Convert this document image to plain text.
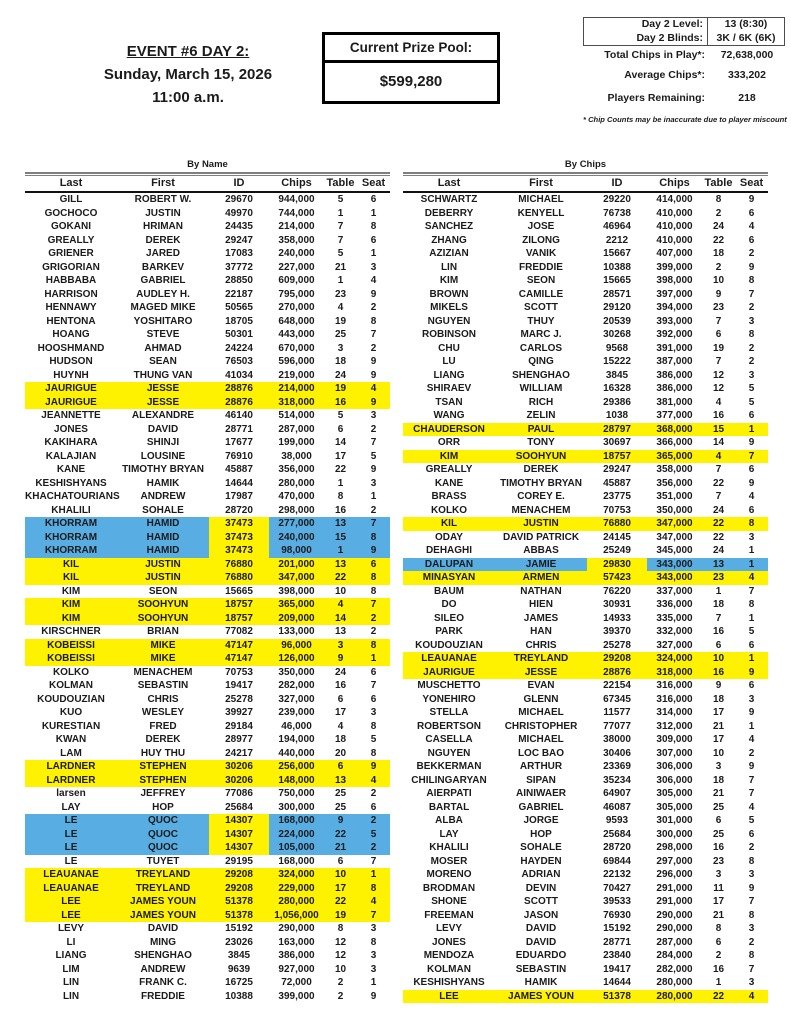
EVENT #6 DAY 2:
Sunday, March 15, 2026
11:00 a.m.
Current Prize Pool:
$599,280
Day 2 Level:	13 (8:30)
Day 2 Blinds:	3K / 6K (6K)
Total Chips in Play*:	72,638,000
Average Chips*:	333,202
Players Remaining:	218
* Chip Counts may be inaccurate due to player miscount
By Name
Last	First	ID	Chips	Table Seat
GILL	ROBERT W.	29670	944,000	5	6
GOCHOCO	JUSTIN	49970	744,000	1	1
GOKANI	HRIMAN	24435	214,000	7	8
GREALLY	DEREK	29247	358,000	7	6
GRIENER	JARED	17083	240,000	5	1
GRIGORIAN	BARKEV	37772	227,000	21	3
HABBABA	GABRIEL	28850	609,000	1	4
HARRISON	AUDLEY H.	22187	795,000	23	9
HENNAWY	MAGED MIKE	50565	270,000	4	2
HENTONA	YOSHITARO	18705	648,000	19	8
HOANG	STEVE	50301	443,000	25	7
HOOSHMAND	AHMAD	24224	670,000	3	2
HUDSON	SEAN	76503	596,000	18	9
HUYNH	THUNG VAN	41034	219,000	24	9
JAURIGUE	JESSE	28876	214,000	19	4
JAURIGUE	JESSE	28876	318,000	16	9
JEANNETTE	ALEXANDRE	46140	514,000	5	3
JONES	DAVID	28771	287,000	6	2
KAKIHARA	SHINJI	17677	199,000	14	7
KALAJIAN	LOUSINE	76910	38,000	17	5
KANE	TIMOTHY BRYAN	45887	356,000	22	9
KESHISHYANS	HAMIK	14644	280,000	1	3
KHACHATOURIANS	ANDREW	17987	470,000	8	1
KHALILI	SOHALE	28720	298,000	16	2
KHORRAM	HAMID	37473	277,000	13	7
KHORRAM	HAMID	37473	240,000	15	8
KHORRAM	HAMID	37473	98,000	1	9
KIL	JUSTIN	76880	201,000	13	6
KIL	JUSTIN	76880	347,000	22	8
KIM	SEON	15665	398,000	10	8
KIM	SOOHYUN	18757	365,000	4	7
KIM	SOOHYUN	18757	209,000	14	2
KIRSCHNER	BRIAN	77082	133,000	13	2
KOBEISSI	MIKE	47147	96,000	3	8
KOBEISSI	MIKE	47147	126,000	9	1
KOLKO	MENACHEM	70753	350,000	24	6
KOLMAN	SEBASTIN	19417	282,000	16	7
KOUDOUZIAN	CHRIS	25278	327,000	6	6
KUO	WESLEY	39927	239,000	17	3
KURESTIAN	FRED	29184	46,000	4	8
KWAN	DEREK	28977	194,000	18	5
LAM	HUY THU	24217	440,000	20	8
LARDNER	STEPHEN	30206	256,000	6	9
LARDNER	STEPHEN	30206	148,000	13	4
larsen	JEFFREY	77086	750,000	25	2
LAY	HOP	25684	300,000	25	6
LE	QUOC	14307	168,000	9	2
LE	QUOC	14307	224,000	22	5
LE	QUOC	14307	105,000	21	2
LE	TUYET	29195	168,000	6	7
LEAUANAE	TREYLAND	29208	324,000	10	1
LEAUANAE	TREYLAND	29208	229,000	17	8
LEE	JAMES YOUN	51378	280,000	22	4
LEE	JAMES YOUN	51378	1,056,000	19	7
LEVY	DAVID	15192	290,000	8	3
LI	MING	23026	163,000	12	8
LIANG	SHENGHAO	3845	386,000	12	3
LIM	ANDREW	9639	927,000	10	3
LIN	FRANK C.	16725	72,000	2	1
LIN	FREDDIE	10388	399,000	2	9
By Chips
Last	First	ID	Chips	Table Seat
SCHWARTZ	MICHAEL	29220	414,000	8	9
DEBERRY	KENYELL	76738	410,000	2	6
SANCHEZ	JOSE	46964	410,000	24	4
ZHANG	ZILONG	2212	410,000	22	6
AZIZIAN	VANIK	15667	407,000	18	2
LIN	FREDDIE	10388	399,000	2	9
KIM	SEON	15665	398,000	10	8
BROWN	CAMILLE	28571	397,000	9	7
MIKELS	SCOTT	29120	394,000	23	2
NGUYEN	THUY	20539	393,000	7	3
ROBINSON	MARC J.	30268	392,000	6	8
CHU	CARLOS	9568	391,000	19	2
LU	QING	15222	387,000	7	2
LIANG	SHENGHAO	3845	386,000	12	3
SHIRAEV	WILLIAM	16328	386,000	12	5
TSAN	RICH	29386	381,000	4	5
WANG	ZELIN	1038	377,000	16	6
CHAUDERSON	PAUL	28797	368,000	15	1
ORR	TONY	30697	366,000	14	9
KIM	SOOHYUN	18757	365,000	4	7
GREALLY	DEREK	29247	358,000	7	6
KANE	TIMOTHY BRYAN	45887	356,000	22	9
BRASS	COREY E.	23775	351,000	7	4
KOLKO	MENACHEM	70753	350,000	24	6
KIL	JUSTIN	76880	347,000	22	8
ODAY	DAVID PATRICK	24145	347,000	22	3
DEHAGHI	ABBAS	25249	345,000	24	1
DALUPAN	JAMIE	29830	343,000	13	1
MINASYAN	ARMEN	57423	343,000	23	4
BAUM	NATHAN	76220	337,000	1	7
DO	HIEN	30931	336,000	18	8
SILEO	JAMES	14933	335,000	7	1
PARK	HAN	39370	332,000	16	5
KOUDOUZIAN	CHRIS	25278	327,000	6	6
LEAUANAE	TREYLAND	29208	324,000	10	1
JAURIGUE	JESSE	28876	318,000	16	9
MUSCHETTO	EVAN	22154	316,000	9	6
YONEHIRO	GLENN	67345	316,000	18	3
STELLA	MICHAEL	11577	314,000	17	9
ROBERTSON	CHRISTOPHER	77077	312,000	21	1
CASELLA	MICHAEL	38000	309,000	17	4
NGUYEN	LOC BAO	30406	307,000	10	2
BEKKERMAN	ARTHUR	23369	306,000	3	9
CHILINGARYAN	SIPAN	35234	306,000	18	7
AIERPATI	AINIWAER	64907	305,000	21	7
BARTAL	GABRIEL	46087	305,000	25	4
ALBA	JORGE	9593	301,000	6	5
LAY	HOP	25684	300,000	25	6
KHALILI	SOHALE	28720	298,000	16	2
MOSER	HAYDEN	69844	297,000	23	8
MORENO	ADRIAN	22132	296,000	3	3
BRODMAN	DEVIN	70427	291,000	11	9
SHONE	SCOTT	39533	291,000	17	7
FREEMAN	JASON	76930	290,000	21	8
LEVY	DAVID	15192	290,000	8	3
JONES	DAVID	28771	287,000	6	2
MENDOZA	EDUARDO	23840	284,000	2	8
KOLMAN	SEBASTIN	19417	282,000	16	7
KESHISHYANS	HAMIK	14644	280,000	1	3
LEE	JAMES YOUN	51378	280,000	22	4
